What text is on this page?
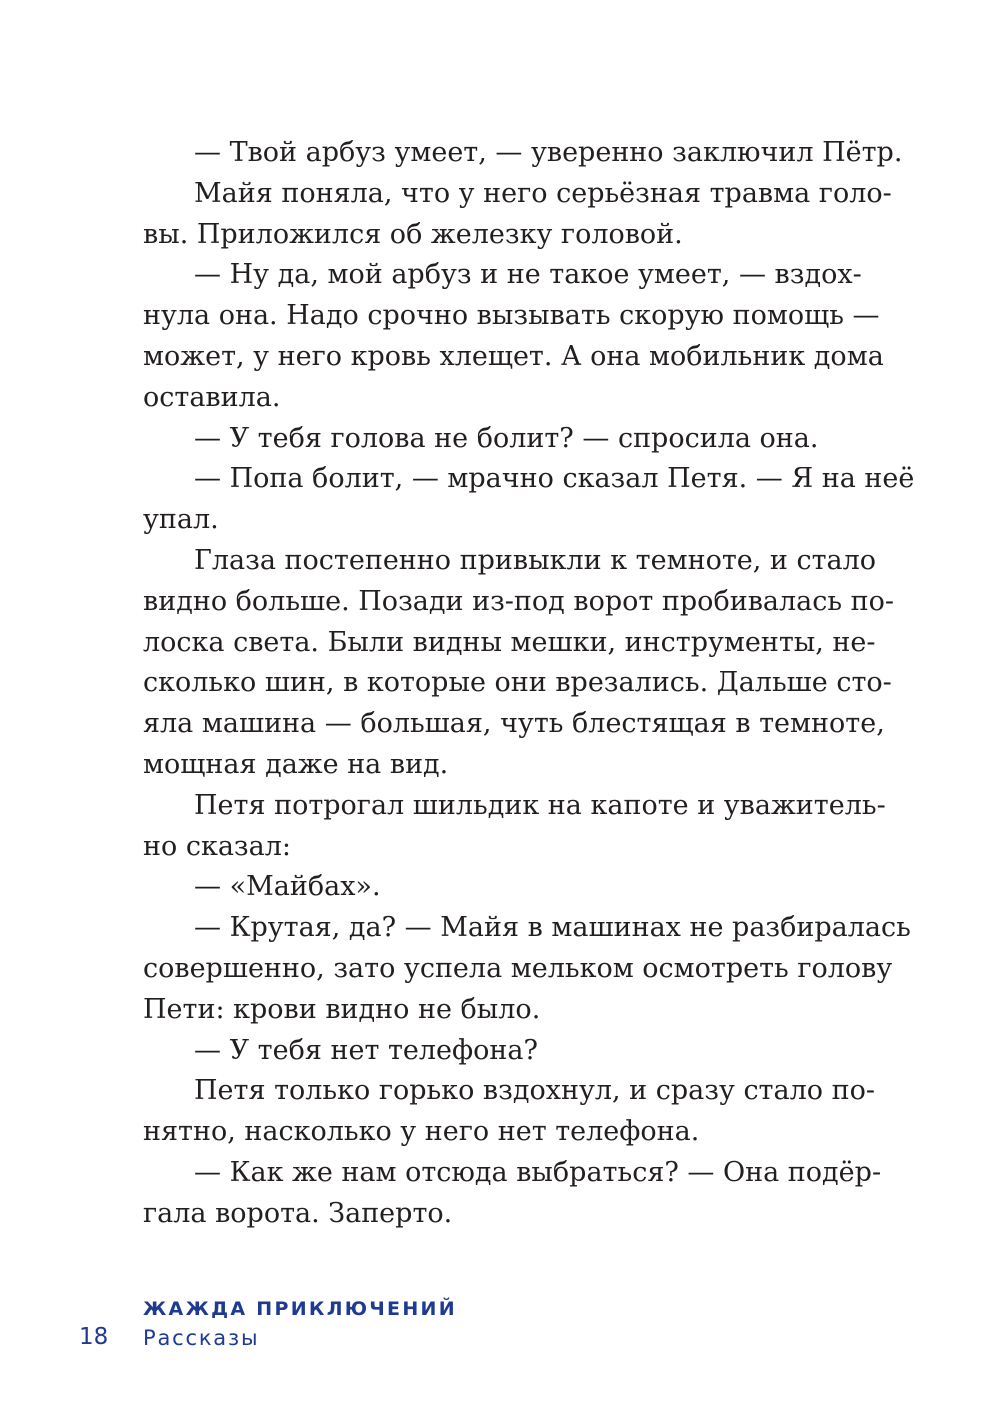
— Твой арбуз умеет, — уверенно заключил Пётр.
Майя поняла, что у него серьёзная травма голо-
вы. Приложился об железку головой.
— Ну да, мой арбуз и не такое умеет, — вздох-
нула она. Надо срочно вызывать скорую помощь —
может, у него кровь хлещет. А она мобильник дома
оставила.
— У тебя голова не болит? — спросила она.
— Попа болит, — мрачно сказал Петя. — Я на неё
упал.
Глаза постепенно привыкли к темноте, и стало
видно больше. Позади из-под ворот пробивалась по-
лоска света. Были видны мешки, инструменты, не-
сколько шин, в которые они врезались. Дальше сто-
яла машина — большая, чуть блестящая в темноте,
мощная даже на вид.
Петя потрогал шильдик на капоте и уважитель-
но сказал:
— «Майбах».
— Крутая, да? — Майя в машинах не разбиралась
совершенно, зато успела мельком осмотреть голову
Пети: крови видно не было.
— У тебя нет телефона?
Петя только горько вздохнул, и сразу стало по-
нятно, насколько у него нет телефона.
— Как же нам отсюда выбраться? — Она подёр-
гала ворота. Заперто.
ЖАЖДА ПРИКЛЮЧЕНИЙ
18 Рассказы
